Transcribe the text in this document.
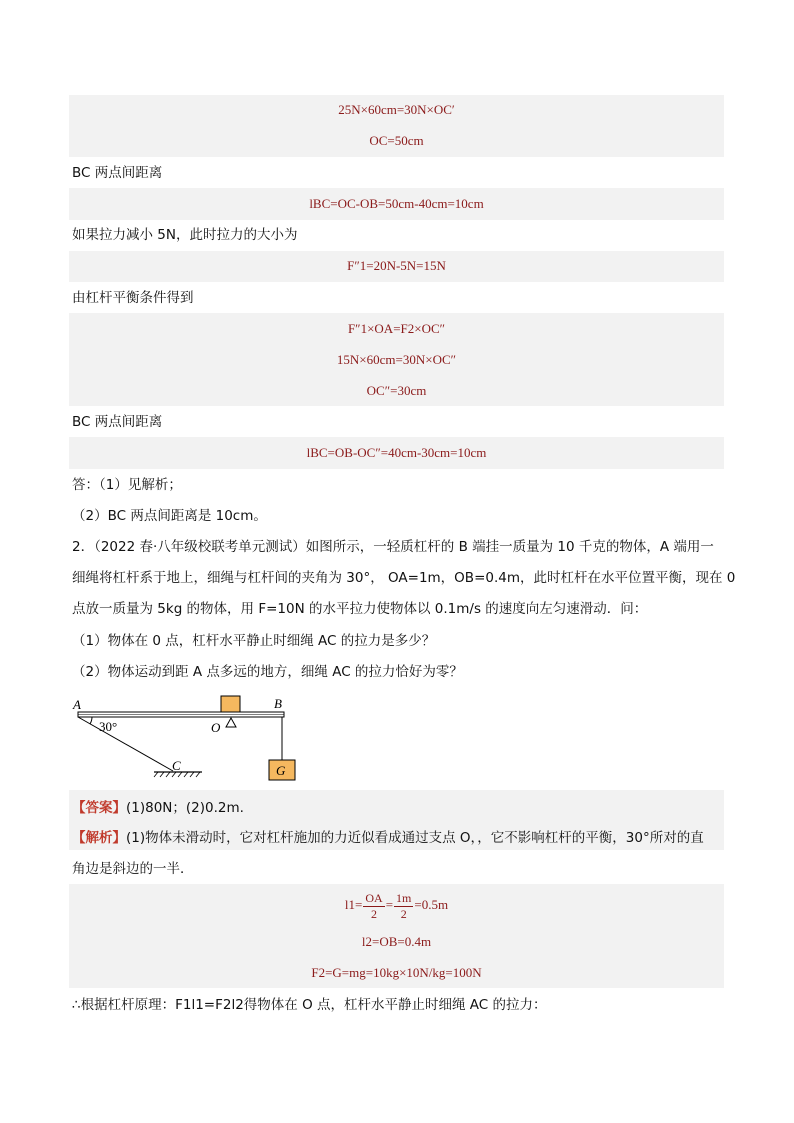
25N×60cm=30N×OC′
OC=50cm
BC 两点间距离
lBC=OC-OB=50cm-40cm=10cm
如果拉力减小 5N，此时拉力的大小为
F″1=20N-5N=15N
由杠杆平衡条件得到
F″1×OA=F2×OC″
15N×60cm=30N×OC″
OC″=30cm
BC 两点间距离
lBC=OB-OC″=40cm-30cm=10cm
答：（1）见解析；
（2）BC 两点间距离是 10cm。
2．（2022 春·八年级校联考单元测试）如图所示，一轻质杠杆的 B 端挂一质量为 10 千克的物体，A 端用一
细绳将杠杆系于地上，细绳与杠杆间的夹角为 30°， OA=1m，OB=0.4m，此时杠杆在水平位置平衡，现在 0
点放一质量为 5kg 的物体，用 F=10N 的水平拉力使物体以 0.1m/s 的速度向左匀速滑动．问：
（1）物体在 0 点，杠杆水平静止时细绳 AC 的拉力是多少？
（2）物体运动到距 A 点多远的地方，细绳 AC 的拉力恰好为零？
A	B
O
C	G
30°
【答案】(1)80N；(2)0.2m.
【解析】(1)物体未滑动时，它对杠杆施加的力近似看成通过支点 O，，它不影响杠杆的平衡，30°所对的直
角边是斜边的一半．
$l1= \frac{OA}{2} = \frac{1m}{2} =0.5m$
l2=OB=0.4m
F2=G=mg=10kg×10N/kg=100N
∴根据杠杆原理：F1l1=F2l2得物体在 O 点，杠杆水平静止时细绳 AC 的拉力：
